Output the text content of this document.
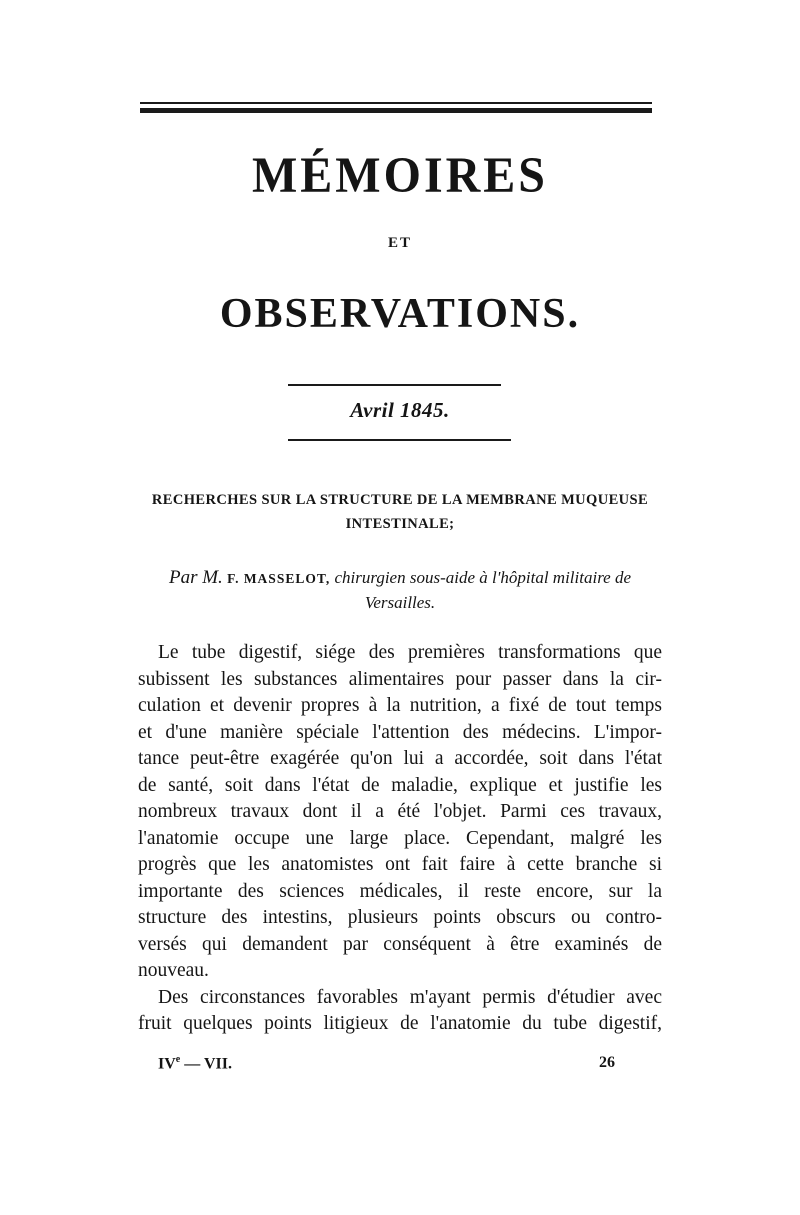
MÉMOIRES
ET
OBSERVATIONS.
Avril 1845.
RECHERCHES SUR LA STRUCTURE DE LA MEMBRANE MUQUEUSE
INTESTINALE;
Par M. F. MASSELOT, chirurgien sous-aide à l'hôpital militaire de
Versailles.
Le tube digestif, siége des premières transformations que
subissent les substances alimentaires pour passer dans la cir-
culation et devenir propres à la nutrition, a fixé de tout temps
et d'une manière spéciale l'attention des médecins. L'impor-
tance peut-être exagérée qu'on lui a accordée, soit dans l'état
de santé, soit dans l'état de maladie, explique et justifie les
nombreux travaux dont il a été l'objet. Parmi ces travaux,
l'anatomie occupe une large place. Cependant, malgré les
progrès que les anatomistes ont fait faire à cette branche si
importante des sciences médicales, il reste encore, sur la
structure des intestins, plusieurs points obscurs ou contro-
versés qui demandent par conséquent à être examinés de
nouveau.
Des circonstances favorables m'ayant permis d'étudier avec
fruit quelques points litigieux de l'anatomie du tube digestif,
IVe — VII.	26
